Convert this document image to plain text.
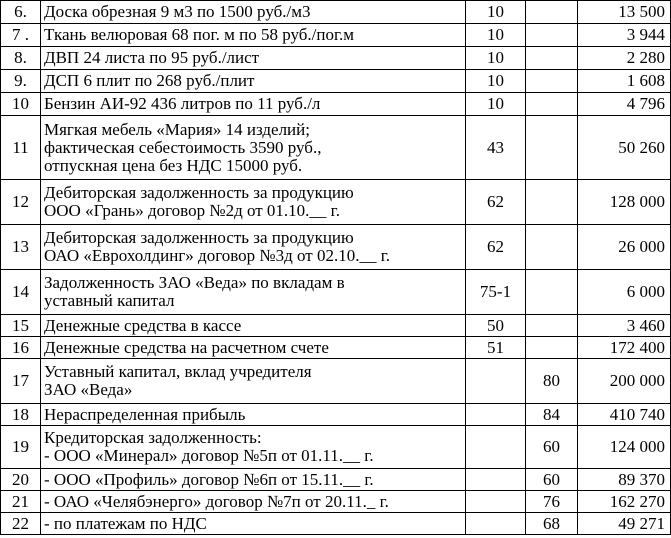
6.	Доска обрезная 9 м3 по 1500 руб./м3	10		13 500
7 .	Ткань велюровая 68 пог. м по 58 руб./пог.м	10		3 944
8.	ДВП 24 листа по 95 руб./лист	10		2 280
9.	ДСП 6 плит по 268 руб./плит	10		1 608
10	Бензин АИ-92 436 литров по 11 руб./л	10		4 796
11	Мягкая мебель «Мария» 14 изделий;
фактическая себестоимость 3590 руб.,
отпускная цена без НДС 15000 руб.	43		50 260
12	Дебиторская задолженность за продукцию
ООО «Грань» договор №2д от 01.10.__ г.	62		128 000
13	Дебиторская задолженность за продукцию
ОАО «Еврохолдинг» договор №3д от 02.10.__ г.	62		26 000
14	Задолженность ЗАО «Веда» по вкладам в
уставный капитал	75-1		6 000
15	Денежные средства в кассе	50		3 460
16	Денежные средства на расчетном счете	51		172 400
17	Уставный капитал, вклад учредителя
ЗАО «Веда»		80	200 000
18	Нераспределенная прибыль		84	410 740
19	Кредиторская задолженность:
- ООО «Минерал» договор №5п от 01.11.__ г.		60	124 000
20	- ООО «Профиль» договор №6п от 15.11.__ г.		60	89 370
21	- ОАО «Челябэнерго» договор №7п от 20.11._ г.		76	162 270
22	- по платежам по НДС		68	49 271
